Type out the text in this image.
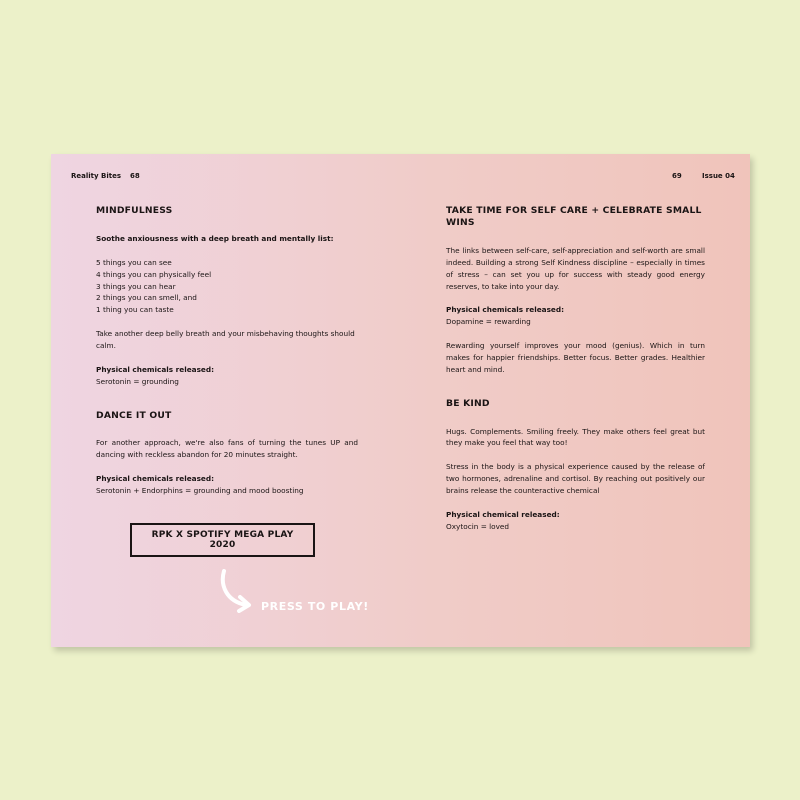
Reality Bites 68	69	Issue 04
MINDFULNESS

Soothe anxiousness with a deep breath and mentally list:

5 things you can see
4 things you can physically feel
3 things you can hear
2 things you can smell, and
1 thing you can taste

Take another deep belly breath and your misbehaving thoughts should calm.

Physical chemicals released:
Serotonin = grounding
DANCE IT OUT

For another approach, we're also fans of turning the tunes UP and dancing with reckless abandon for 20 minutes straight.

Physical chemicals released:
Serotonin + Endorphins = grounding and mood boosting
RPK X SPOTIFY MEGA PLAY 2020
PRESS TO PLAY!
TAKE TIME FOR SELF CARE + CELEBRATE SMALL WINS

The links between self-care, self-appreciation and self-worth are small indeed. Building a strong Self Kindness discipline – especially in times of stress – can set you up for success with steady good energy reserves, to take into your day.

Physical chemicals released:
Dopamine = rewarding

Rewarding yourself improves your mood (genius). Which in turn makes for happier friendships. Better focus. Better grades. Healthier heart and mind.

BE KIND

Hugs. Complements. Smiling freely. They make others feel great but they make you feel that way too!

Stress in the body is a physical experience caused by the release of two hormones, adrenaline and cortisol. By reaching out positively our brains release the counteractive chemical

Physical chemical released:
Oxytocin = loved
